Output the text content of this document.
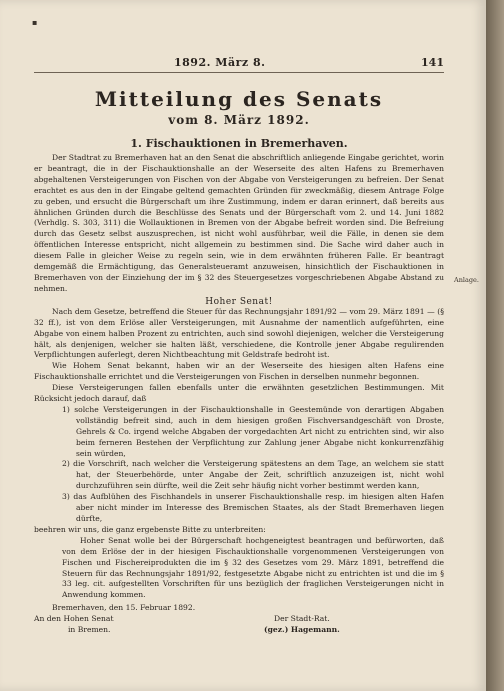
▪
1892. März 8.	141
Mitteilung des Senats
vom 8. März 1892.
1. Fischauktionen in Bremerhaven.

Der Stadtrat zu Bremerhaven hat an den Senat die abschriftlich anliegende Eingabe gerichtet, worin er beantragt, die in der Fischauktionshalle an der Weserseite des alten Hafens zu Bremerhaven abgehaltenen Versteigerungen von Fischen von der Abgabe von Versteigerungen zu befreien. Der Senat erachtet es aus den in der Eingabe geltend gemachten Gründen für zweckmäßig, diesem Antrage Folge zu geben, und ersucht die Bürgerschaft um ihre Zustimmung, indem er daran erinnert, daß bereits aus ähnlichen Gründen durch die Beschlüsse des Senats und der Bürgerschaft vom 2. und 14. Juni 1882 (Verhdlg. S. 303, 311) die Wollauktionen in Bremen von der Abgabe befreit worden sind. Die Befreiung durch das Gesetz selbst auszusprechen, ist nicht wohl ausführbar, weil die Fälle, in denen sie dem öffentlichen Interesse entspricht, nicht allgemein zu bestimmen sind. Die Sache wird daher auch in diesem Falle in gleicher Weise zu regeln sein, wie in dem erwähnten früheren Falle. Er beantragt demgemäß die Ermächtigung, das Generalsteueramt anzuweisen, hinsichtlich der Fischauktionen in Bremerhaven von der Einziehung der im § 32 des Steuergesetzes vorgeschriebenen Abgabe Abstand zu nehmen.

Hoher Senat!

Nach dem Gesetze, betreffend die Steuer für das Rechnungsjahr 1891/92 — vom 29. März 1891 — (§ 32 ff.), ist von dem Erlöse aller Versteigerungen, mit Ausnahme der namentlich aufgeführten, eine Abgabe von einem halben Prozent zu entrichten, auch sind sowohl diejenigen, welcher die Versteigerung hält, als denjenigen, welcher sie halten läßt, verschiedene, die Kontrolle jener Abgabe regulirenden Verpflichtungen auferlegt, deren Nichtbeachtung mit Geldstrafe bedroht ist.

Wie Hohem Senat bekannt, haben wir an der Weserseite des hiesigen alten Hafens eine Fischauktionshalle errichtet und die Versteigerungen von Fischen in derselben nunmehr begonnen.

Diese Versteigerungen fallen ebenfalls unter die erwähnten gesetzlichen Bestimmungen. Mit Rücksicht jedoch darauf, daß

1) solche Versteigerungen in der Fischauktionshalle in Geestemünde von derartigen Abgaben vollständig befreit sind, auch in dem hiesigen großen Fischversandgeschäft von Droste, Gehrels & Co. irgend welche Abgaben der vorgedachten Art nicht zu entrichten sind, wir also beim ferneren Bestehen der Verpflichtung zur Zahlung jener Abgabe nicht konkurrenzfähig sein würden,
2) die Vorschrift, nach welcher die Versteigerung spätestens an dem Tage, an welchem sie statt hat, der Steuerbehörde, unter Angabe der Zeit, schriftlich anzuzeigen ist, nicht wohl durchzuführen sein dürfte, weil die Zeit sehr häufig nicht vorher bestimmt werden kann,
3) das Aufblühen des Fischhandels in unserer Fischauktionshalle resp. im hiesigen alten Hafen aber nicht minder im Interesse des Bremischen Staates, als der Stadt Bremerhaven liegen dürfte,

beehren wir uns, die ganz ergebenste Bitte zu unterbreiten:

Hoher Senat wolle bei der Bürgerschaft hochgeneigtest beantragen und befürworten, daß von dem Erlöse der in der hiesigen Fischauktionshalle vorgenommenen Versteigerungen von Fischen und Fischereiprodukten die im § 32 des Gesetzes vom 29. März 1891, betreffend die Steuern für das Rechnungsjahr 1891/92, festgesetzte Abgabe nicht zu entrichten ist und die im § 33 leg. cit. aufgestellten Vorschriften für uns bezüglich der fraglichen Versteigerungen nicht in Anwendung kommen.

Bremerhaven, den 15. Februar 1892.
An den Hohen Senat
in Bremen.
Der Stadt-Rat.
(gez.) Hagemann.
Anlage.
